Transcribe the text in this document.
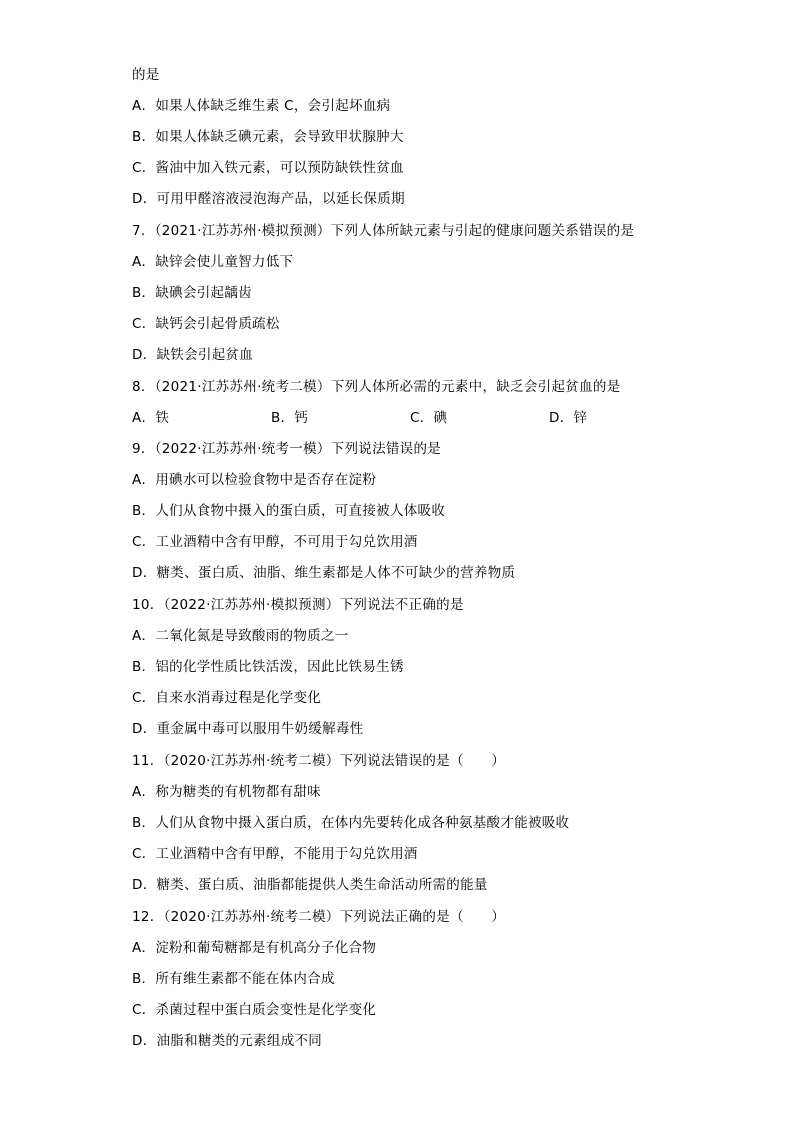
的是
A．如果人体缺乏维生素 C，会引起坏血病
B．如果人体缺乏碘元素，会导致甲状腺肿大
C．酱油中加入铁元素，可以预防缺铁性贫血
D．可用甲醛溶液浸泡海产品，以延长保质期
7．（2021·江苏苏州·模拟预测）下列人体所缺元素与引起的健康问题关系错误的是
A．缺锌会使儿童智力低下
B．缺碘会引起龋齿
C．缺钙会引起骨质疏松
D．缺铁会引起贫血
8．（2021·江苏苏州·统考二模）下列人体所必需的元素中，缺乏会引起贫血的是
A．铁	B．钙	C．碘	D．锌
9．（2022·江苏苏州·统考一模）下列说法错误的是
A．用碘水可以检验食物中是否存在淀粉
B．人们从食物中摄入的蛋白质，可直接被人体吸收
C．工业酒精中含有甲醇，不可用于勾兑饮用酒
D．糖类、蛋白质、油脂、维生素都是人体不可缺少的营养物质
10．（2022·江苏苏州·模拟预测）下列说法不正确的是
A．二氧化氮是导致酸雨的物质之一
B．铝的化学性质比铁活泼，因此比铁易生锈
C．自来水消毒过程是化学变化
D．重金属中毒可以服用牛奶缓解毒性
11．（2020·江苏苏州·统考二模）下列说法错误的是（　　）
A．称为糖类的有机物都有甜味
B．人们从食物中摄入蛋白质，在体内先要转化成各种氨基酸才能被吸收
C．工业酒精中含有甲醇，不能用于勾兑饮用酒
D．糖类、蛋白质、油脂都能提供人类生命活动所需的能量
12．（2020·江苏苏州·统考二模）下列说法正确的是（　　）
A．淀粉和葡萄糖都是有机高分子化合物
B．所有维生素都不能在体内合成
C．杀菌过程中蛋白质会变性是化学变化
D．油脂和糖类的元素组成不同
